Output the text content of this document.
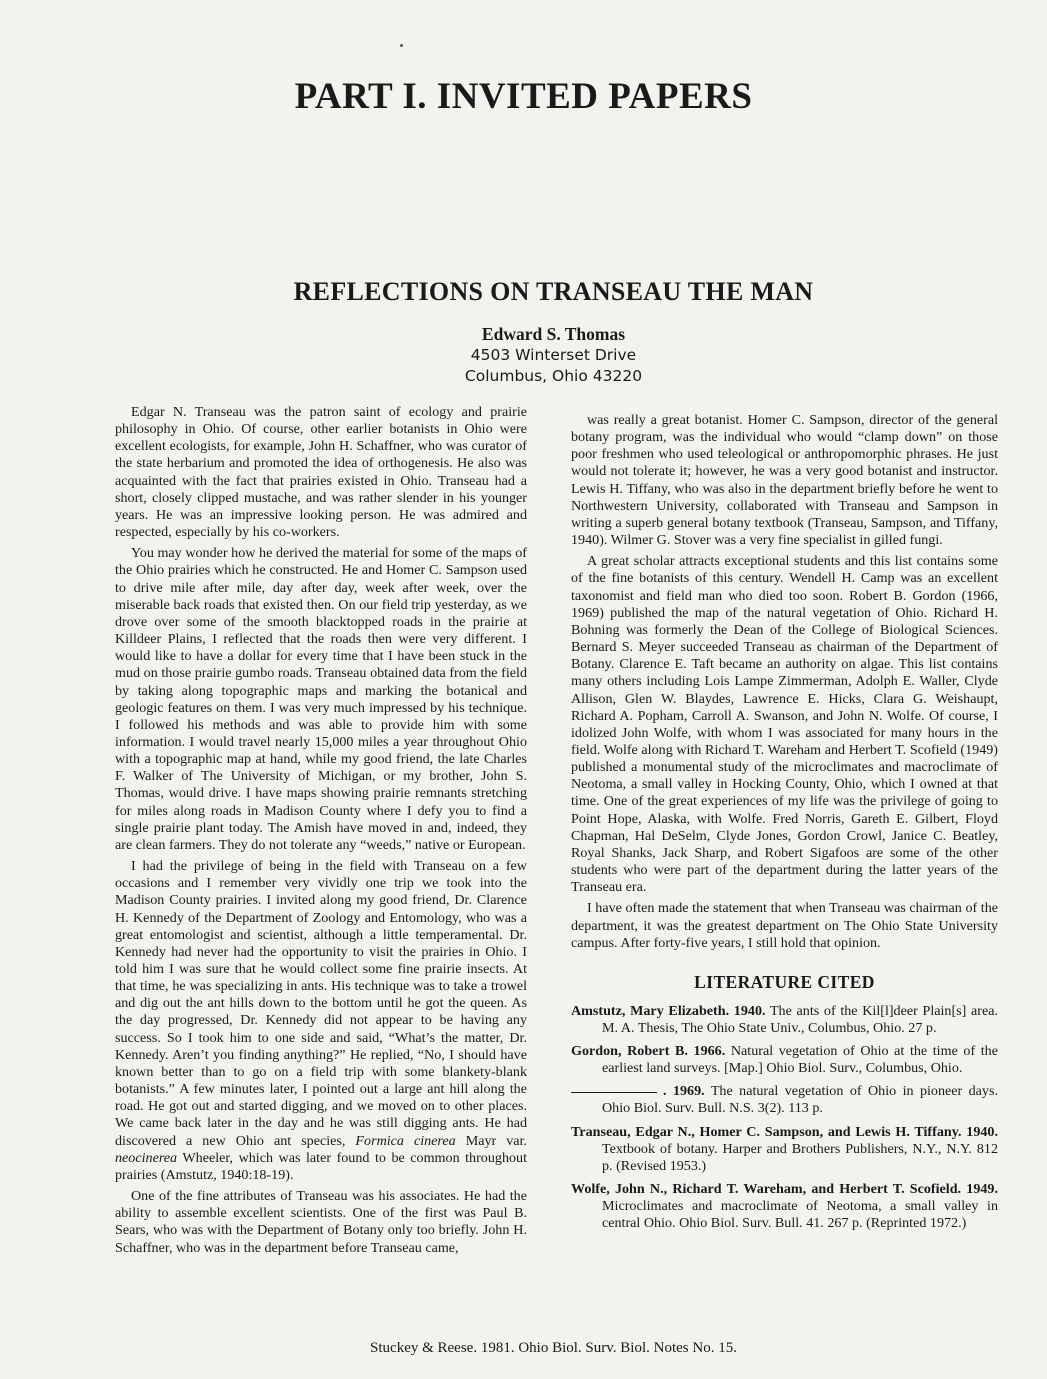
PART I. INVITED PAPERS
REFLECTIONS ON TRANSEAU THE MAN
Edward S. Thomas
4503 Winterset Drive
Columbus, Ohio 43220

Edgar N. Transeau was the patron saint of ecology and prairie philosophy in Ohio. Of course, other earlier botanists in Ohio were excellent ecologists, for example, John H. Schaffner, who was curator of the state herbarium and promoted the idea of orthogenesis. He also was acquainted with the fact that prairies existed in Ohio. Transeau had a short, closely clipped mustache, and was rather slender in his younger years. He was an impressive looking person. He was admired and respected, especially by his co-workers.

You may wonder how he derived the material for some of the maps of the Ohio prairies which he constructed. He and Homer C. Sampson used to drive mile after mile, day after day, week after week, over the miserable back roads that existed then. On our field trip yesterday, as we drove over some of the smooth blacktopped roads in the prairie at Killdeer Plains, I reflected that the roads then were very different. I would like to have a dollar for every time that I have been stuck in the mud on those prairie gumbo roads. Transeau obtained data from the field by taking along topographic maps and marking the botanical and geologic features on them. I was very much impressed by his technique. I followed his methods and was able to provide him with some information. I would travel nearly 15,000 miles a year throughout Ohio with a topographic map at hand, while my good friend, the late Charles F. Walker of The University of Michigan, or my brother, John S. Thomas, would drive. I have maps showing prairie remnants stretching for miles along roads in Madison County where I defy you to find a single prairie plant today. The Amish have moved in and, indeed, they are clean farmers. They do not tolerate any “weeds,” native or European.

I had the privilege of being in the field with Transeau on a few occasions and I remember very vividly one trip we took into the Madison County prairies. I invited along my good friend, Dr. Clarence H. Kennedy of the Department of Zoology and Entomology, who was a great entomologist and scientist, although a little temperamental. Dr. Kennedy had never had the opportunity to visit the prairies in Ohio. I told him I was sure that he would collect some fine prairie insects. At that time, he was specializing in ants. His technique was to take a trowel and dig out the ant hills down to the bottom until he got the queen. As the day progressed, Dr. Kennedy did not appear to be having any success. So I took him to one side and said, “What’s the matter, Dr. Kennedy. Aren’t you finding anything?” He replied, “No, I should have known better than to go on a field trip with some blankety-blank botanists.” A few minutes later, I pointed out a large ant hill along the road. He got out and started digging, and we moved on to other places. We came back later in the day and he was still digging ants. He had discovered a new Ohio ant species, Formica cinerea Mayr var. neocinerea Wheeler, which was later found to be common throughout prairies (Amstutz, 1940:18-19).

One of the fine attributes of Transeau was his associates. He had the ability to assemble excellent scientists. One of the first was Paul B. Sears, who was with the Department of Botany only too briefly. John H. Schaffner, who was in the department before Transeau came,

was really a great botanist. Homer C. Sampson, director of the general botany program, was the individual who would “clamp down” on those poor freshmen who used teleological or anthropomorphic phrases. He just would not tolerate it; however, he was a very good botanist and instructor. Lewis H. Tiffany, who was also in the department briefly before he went to Northwestern University, collaborated with Transeau and Sampson in writing a superb general botany textbook (Transeau, Sampson, and Tiffany, 1940). Wilmer G. Stover was a very fine specialist in gilled fungi.

A great scholar attracts exceptional students and this list contains some of the fine botanists of this century. Wendell H. Camp was an excellent taxonomist and field man who died too soon. Robert B. Gordon (1966, 1969) published the map of the natural vegetation of Ohio. Richard H. Bohning was formerly the Dean of the College of Biological Sciences. Bernard S. Meyer succeeded Transeau as chairman of the Department of Botany. Clarence E. Taft became an authority on algae. This list contains many others including Lois Lampe Zimmerman, Adolph E. Waller, Clyde Allison, Glen W. Blaydes, Lawrence E. Hicks, Clara G. Weishaupt, Richard A. Popham, Carroll A. Swanson, and John N. Wolfe. Of course, I idolized John Wolfe, with whom I was associated for many hours in the field. Wolfe along with Richard T. Wareham and Herbert T. Scofield (1949) published a monumental study of the microclimates and macroclimate of Neotoma, a small valley in Hocking County, Ohio, which I owned at that time. One of the great experiences of my life was the privilege of going to Point Hope, Alaska, with Wolfe. Fred Norris, Gareth E. Gilbert, Floyd Chapman, Hal DeSelm, Clyde Jones, Gordon Crowl, Janice C. Beatley, Royal Shanks, Jack Sharp, and Robert Sigafoos are some of the other students who were part of the department during the latter years of the Transeau era.

I have often made the statement that when Transeau was chairman of the department, it was the greatest department on The Ohio State University campus. After forty-five years, I still hold that opinion.

LITERATURE CITED
Amstutz, Mary Elizabeth. 1940. The ants of the Kil[l]deer Plain[s] area. M. A. Thesis, The Ohio State Univ., Columbus, Ohio. 27 p.
Gordon, Robert B. 1966. Natural vegetation of Ohio at the time of the earliest land surveys. [Map.] Ohio Biol. Surv., Columbus, Ohio.
. 1969. The natural vegetation of Ohio in pioneer days. Ohio Biol. Surv. Bull. N.S. 3(2). 113 p.
Transeau, Edgar N., Homer C. Sampson, and Lewis H. Tiffany. 1940. Textbook of botany. Harper and Brothers Publishers, N.Y., N.Y. 812 p. (Revised 1953.)
Wolfe, John N., Richard T. Wareham, and Herbert T. Scofield. 1949. Microclimates and macroclimate of Neotoma, a small valley in central Ohio. Ohio Biol. Surv. Bull. 41. 267 p. (Reprinted 1972.)
Stuckey & Reese. 1981. Ohio Biol. Surv. Biol. Notes No. 15.
